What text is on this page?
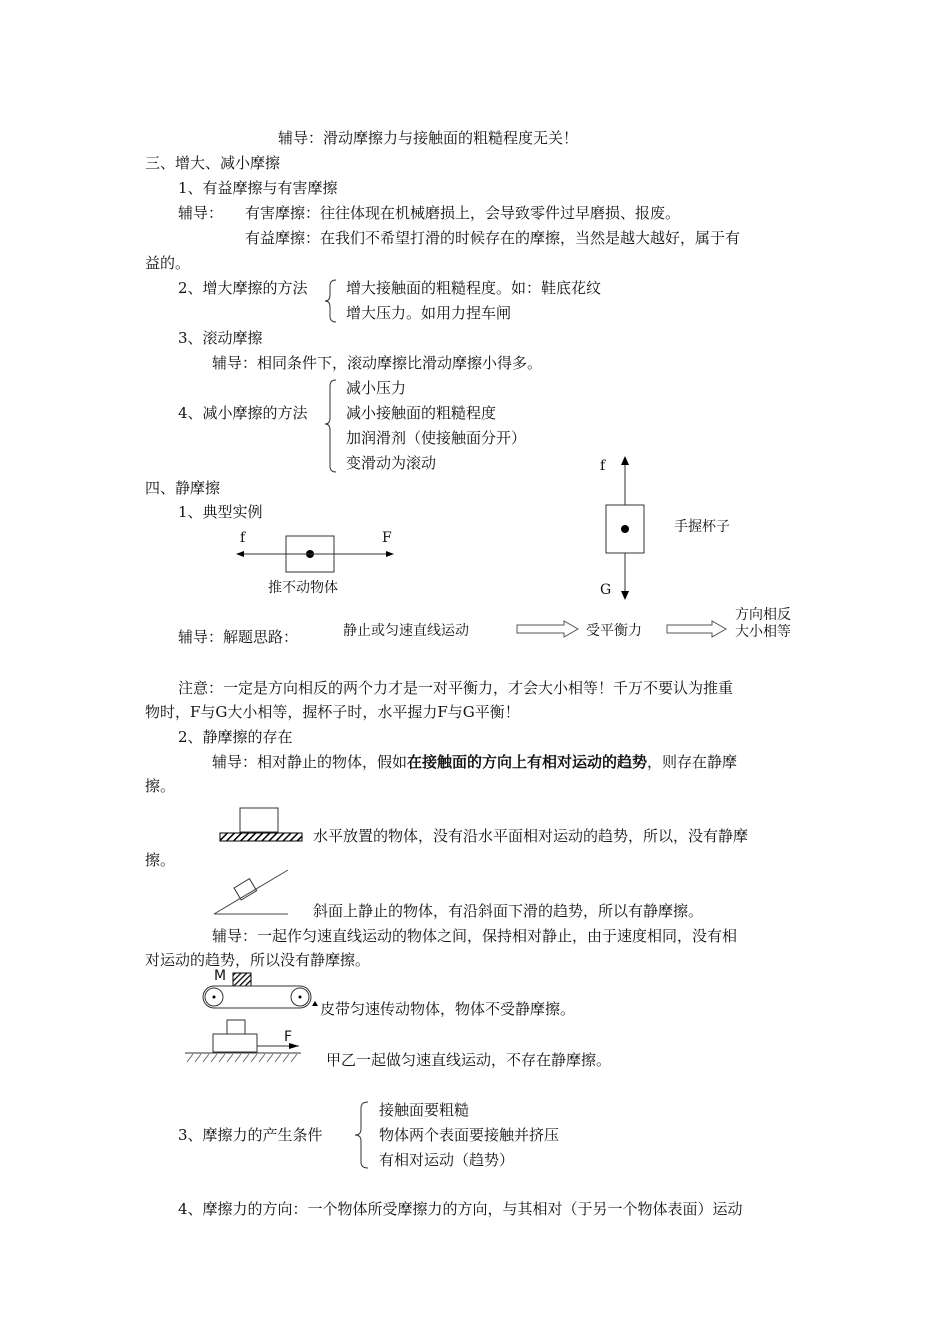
辅导：滑动摩擦力与接触面的粗糙程度无关！
三、增大、减小摩擦
1、有益摩擦与有害摩擦
辅导： 有害摩擦：往往体现在机械磨损上，会导致零件过早磨损、报废。
有益摩擦：在我们不希望打滑的时候存在的摩擦，当然是越大越好，属于有
益的。
2、增大摩擦的方法	增大接触面的粗糙程度。如：鞋底花纹
增大压力。如用力捏车闸
3、滚动摩擦
辅导：相同条件下，滚动摩擦比滑动摩擦小得多。
4、减小摩擦的方法
减小压力
减小接触面的粗糙程度
加润滑剂（使接触面分开）
变滑动为滚动
四、静摩擦
1、典型实例
f	F
推不动物体
f
G
手握杯子
辅导：解题思路：	静止或匀速直线运动	受平衡力
方向相反
大小相等
注意：一定是方向相反的两个力才是一对平衡力，才会大小相等！千万不要认为推重
物时，F与G大小相等，握杯子时，水平握力F与G平衡！
2、静摩擦的存在
辅导：相对静止的物体，假如在接触面的方向上有相对运动的趋势，则存在静摩
擦。
水平放置的物体，没有沿水平面相对运动的趋势，所以，没有静摩
擦。
斜面上静止的物体，有沿斜面下滑的趋势，所以有静摩擦。
辅导：一起作匀速直线运动的物体之间，保持相对静止，由于速度相同，没有相
对运动的趋势，所以没有静摩擦。
M
皮带匀速传动物体，物体不受静摩擦。
F
甲乙一起做匀速直线运动，不存在静摩擦。
3、摩擦力的产生条件
接触面要粗糙
物体两个表面要接触并挤压
有相对运动（趋势）
4、摩擦力的方向：一个物体所受摩擦力的方向，与其相对（于另一个物体表面）运动
